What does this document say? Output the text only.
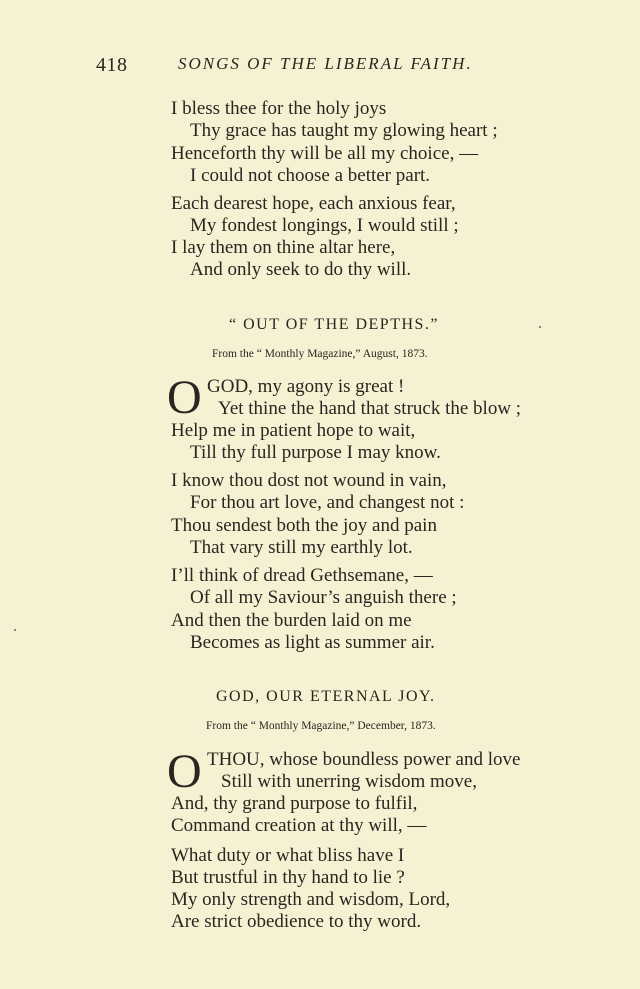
418	SONGS OF THE LIBERAL FAITH.
I bless thee for the holy joys
Thy grace has taught my glowing heart ;
Henceforth thy will be all my choice, —
I could not choose a better part.
Each dearest hope, each anxious fear,
My fondest longings, I would still ;
I lay them on thine altar here,
And only seek to do thy will.
“ OUT OF THE DEPTHS.”
From the “ Monthly Magazine,” August, 1873.
O GOD, my agony is great !
Yet thine the hand that struck the blow ;
Help me in patient hope to wait,
Till thy full purpose I may know.
I know thou dost not wound in vain,
For thou art love, and changest not :
Thou sendest both the joy and pain
That vary still my earthly lot.
I’ll think of dread Gethsemane, —
Of all my Saviour’s anguish there ;
And then the burden laid on me
Becomes as light as summer air.
GOD, OUR ETERNAL JOY.
From the “ Monthly Magazine,” December, 1873.
O THOU, whose boundless power and love
Still with unerring wisdom move,
And, thy grand purpose to fulfil,
Command creation at thy will, —
What duty or what bliss have I
But trustful in thy hand to lie ?
My only strength and wisdom, Lord,
Are strict obedience to thy word.
